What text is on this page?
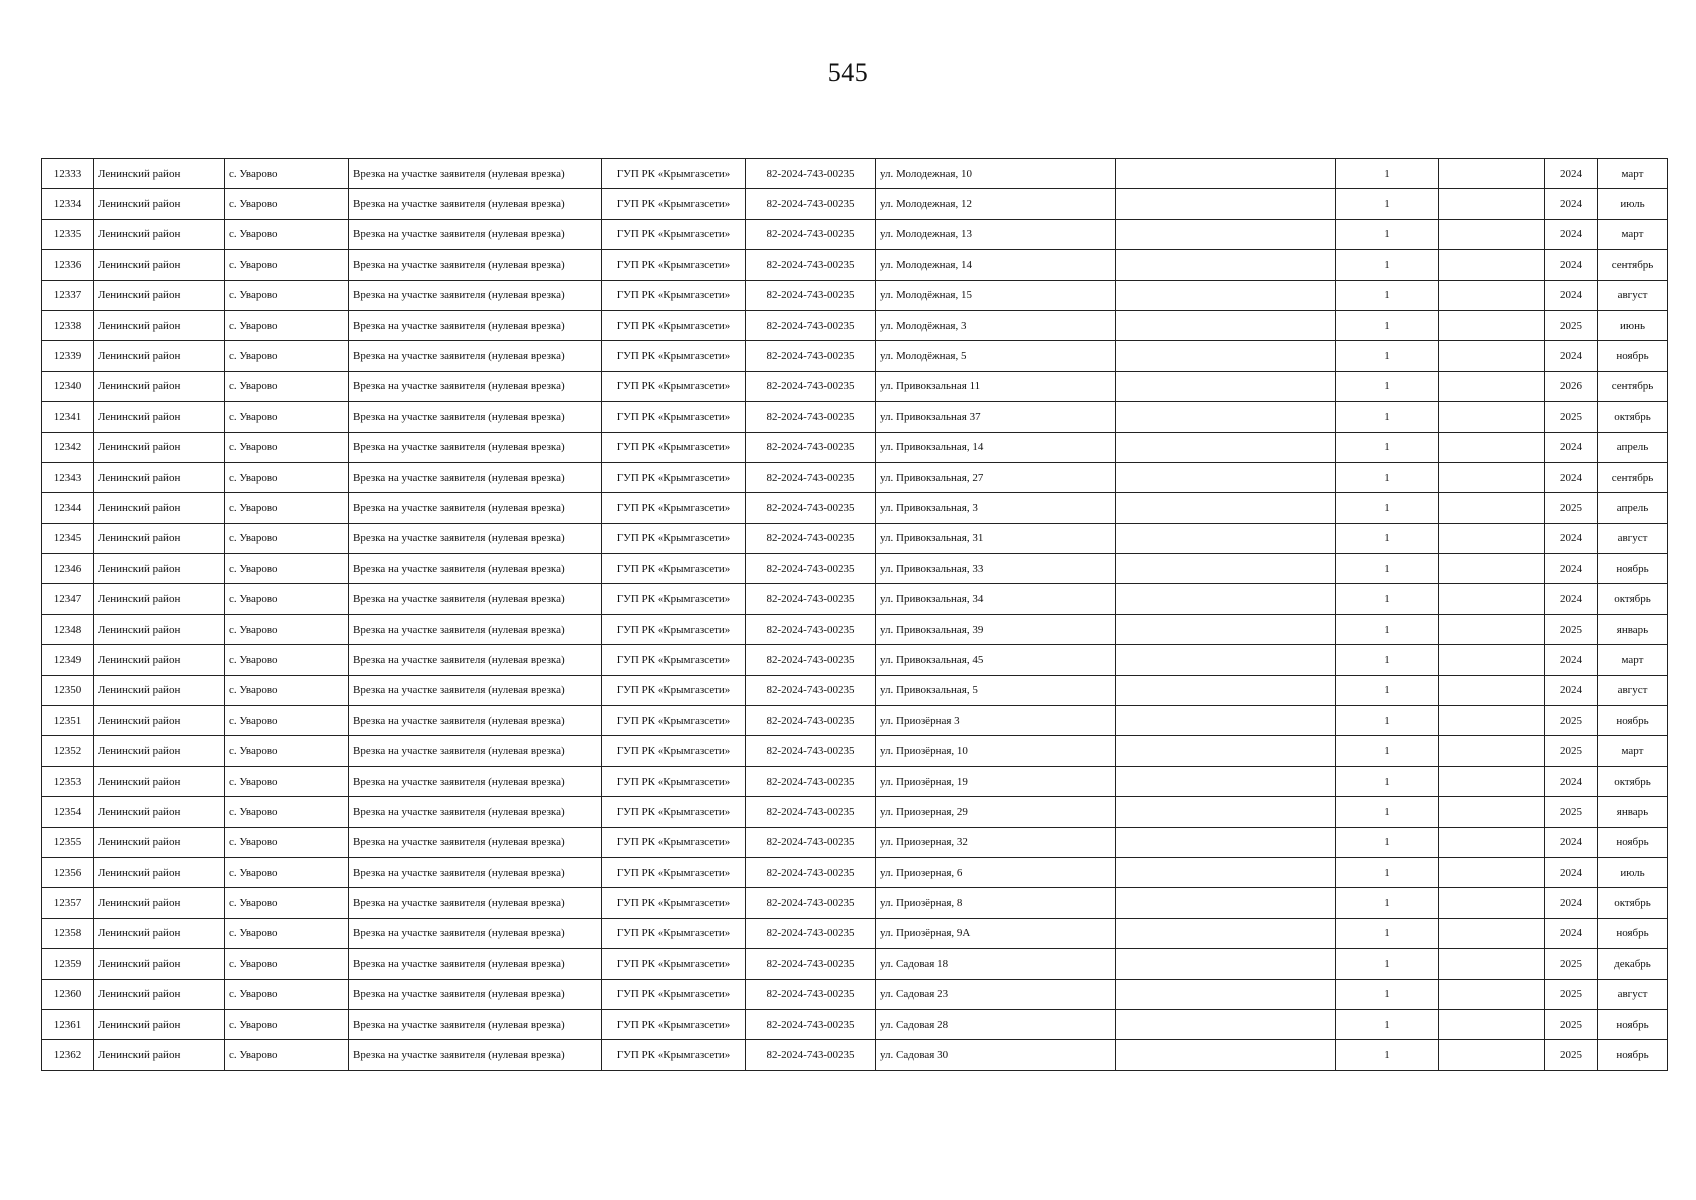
545
12333	Ленинский район	с. Уварово	Врезка на участке заявителя (нулевая врезка)	ГУП РК «Крымгазсети»	82-2024-743-00235	ул. Молодежная, 10		1		2024	март
12334	Ленинский район	с. Уварово	Врезка на участке заявителя (нулевая врезка)	ГУП РК «Крымгазсети»	82-2024-743-00235	ул. Молодежная, 12		1		2024	июль
12335	Ленинский район	с. Уварово	Врезка на участке заявителя (нулевая врезка)	ГУП РК «Крымгазсети»	82-2024-743-00235	ул. Молодежная, 13		1		2024	март
12336	Ленинский район	с. Уварово	Врезка на участке заявителя (нулевая врезка)	ГУП РК «Крымгазсети»	82-2024-743-00235	ул. Молодежная, 14		1		2024	сентябрь
12337	Ленинский район	с. Уварово	Врезка на участке заявителя (нулевая врезка)	ГУП РК «Крымгазсети»	82-2024-743-00235	ул. Молодёжная, 15		1		2024	август
12338	Ленинский район	с. Уварово	Врезка на участке заявителя (нулевая врезка)	ГУП РК «Крымгазсети»	82-2024-743-00235	ул. Молодёжная, 3		1		2025	июнь
12339	Ленинский район	с. Уварово	Врезка на участке заявителя (нулевая врезка)	ГУП РК «Крымгазсети»	82-2024-743-00235	ул. Молодёжная, 5		1		2024	ноябрь
12340	Ленинский район	с. Уварово	Врезка на участке заявителя (нулевая врезка)	ГУП РК «Крымгазсети»	82-2024-743-00235	ул. Привокзальная 11		1		2026	сентябрь
12341	Ленинский район	с. Уварово	Врезка на участке заявителя (нулевая врезка)	ГУП РК «Крымгазсети»	82-2024-743-00235	ул. Привокзальная 37		1		2025	октябрь
12342	Ленинский район	с. Уварово	Врезка на участке заявителя (нулевая врезка)	ГУП РК «Крымгазсети»	82-2024-743-00235	ул. Привокзальная, 14		1		2024	апрель
12343	Ленинский район	с. Уварово	Врезка на участке заявителя (нулевая врезка)	ГУП РК «Крымгазсети»	82-2024-743-00235	ул. Привокзальная, 27		1		2024	сентябрь
12344	Ленинский район	с. Уварово	Врезка на участке заявителя (нулевая врезка)	ГУП РК «Крымгазсети»	82-2024-743-00235	ул. Привокзальная, 3		1		2025	апрель
12345	Ленинский район	с. Уварово	Врезка на участке заявителя (нулевая врезка)	ГУП РК «Крымгазсети»	82-2024-743-00235	ул. Привокзальная, 31		1		2024	август
12346	Ленинский район	с. Уварово	Врезка на участке заявителя (нулевая врезка)	ГУП РК «Крымгазсети»	82-2024-743-00235	ул. Привокзальная, 33		1		2024	ноябрь
12347	Ленинский район	с. Уварово	Врезка на участке заявителя (нулевая врезка)	ГУП РК «Крымгазсети»	82-2024-743-00235	ул. Привокзальная, 34		1		2024	октябрь
12348	Ленинский район	с. Уварово	Врезка на участке заявителя (нулевая врезка)	ГУП РК «Крымгазсети»	82-2024-743-00235	ул. Привокзальная, 39		1		2025	январь
12349	Ленинский район	с. Уварово	Врезка на участке заявителя (нулевая врезка)	ГУП РК «Крымгазсети»	82-2024-743-00235	ул. Привокзальная, 45		1		2024	март
12350	Ленинский район	с. Уварово	Врезка на участке заявителя (нулевая врезка)	ГУП РК «Крымгазсети»	82-2024-743-00235	ул. Привокзальная, 5		1		2024	август
12351	Ленинский район	с. Уварово	Врезка на участке заявителя (нулевая врезка)	ГУП РК «Крымгазсети»	82-2024-743-00235	ул. Приозёрная 3		1		2025	ноябрь
12352	Ленинский район	с. Уварово	Врезка на участке заявителя (нулевая врезка)	ГУП РК «Крымгазсети»	82-2024-743-00235	ул. Приозёрная, 10		1		2025	март
12353	Ленинский район	с. Уварово	Врезка на участке заявителя (нулевая врезка)	ГУП РК «Крымгазсети»	82-2024-743-00235	ул. Приозёрная, 19		1		2024	октябрь
12354	Ленинский район	с. Уварово	Врезка на участке заявителя (нулевая врезка)	ГУП РК «Крымгазсети»	82-2024-743-00235	ул. Приозерная, 29		1		2025	январь
12355	Ленинский район	с. Уварово	Врезка на участке заявителя (нулевая врезка)	ГУП РК «Крымгазсети»	82-2024-743-00235	ул. Приозерная, 32		1		2024	ноябрь
12356	Ленинский район	с. Уварово	Врезка на участке заявителя (нулевая врезка)	ГУП РК «Крымгазсети»	82-2024-743-00235	ул. Приозерная, 6		1		2024	июль
12357	Ленинский район	с. Уварово	Врезка на участке заявителя (нулевая врезка)	ГУП РК «Крымгазсети»	82-2024-743-00235	ул. Приозёрная, 8		1		2024	октябрь
12358	Ленинский район	с. Уварово	Врезка на участке заявителя (нулевая врезка)	ГУП РК «Крымгазсети»	82-2024-743-00235	ул. Приозёрная, 9А		1		2024	ноябрь
12359	Ленинский район	с. Уварово	Врезка на участке заявителя (нулевая врезка)	ГУП РК «Крымгазсети»	82-2024-743-00235	ул. Садовая 18		1		2025	декабрь
12360	Ленинский район	с. Уварово	Врезка на участке заявителя (нулевая врезка)	ГУП РК «Крымгазсети»	82-2024-743-00235	ул. Садовая 23		1		2025	август
12361	Ленинский район	с. Уварово	Врезка на участке заявителя (нулевая врезка)	ГУП РК «Крымгазсети»	82-2024-743-00235	ул. Садовая 28		1		2025	ноябрь
12362	Ленинский район	с. Уварово	Врезка на участке заявителя (нулевая врезка)	ГУП РК «Крымгазсети»	82-2024-743-00235	ул. Садовая 30		1		2025	ноябрь
